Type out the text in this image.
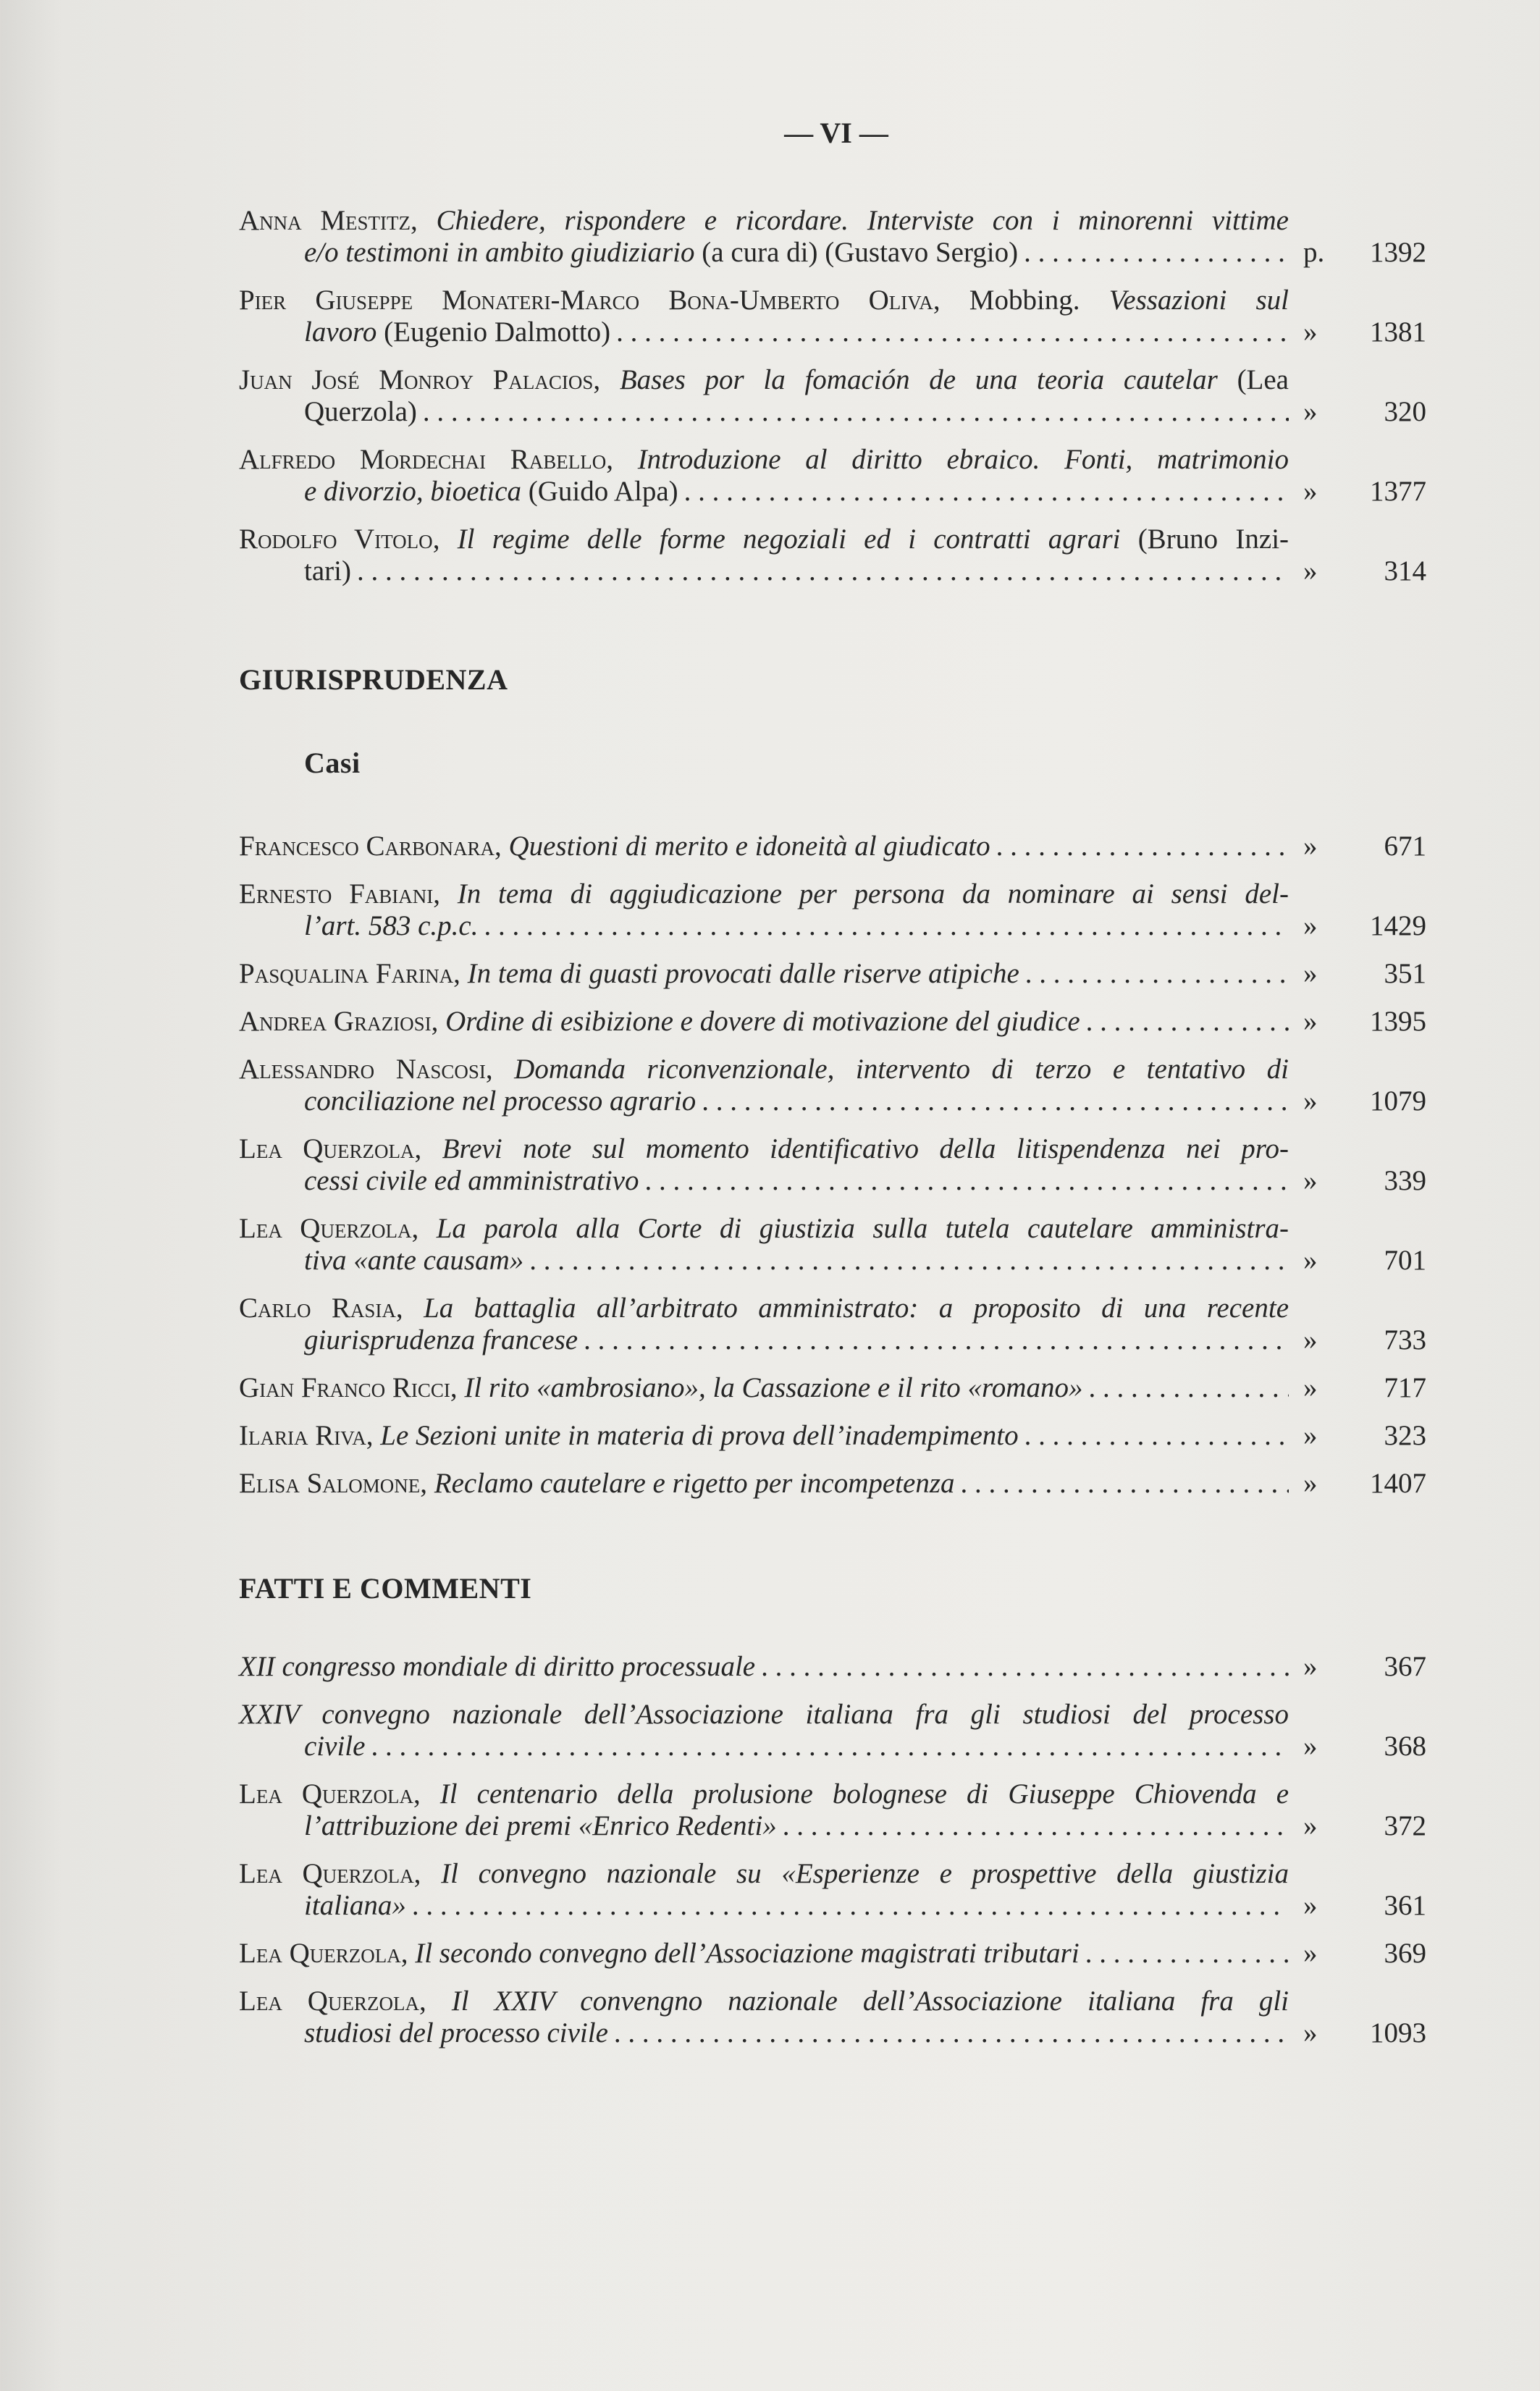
— VI —
Anna Mestitz, Chiedere, rispondere e ricordare. Interviste con i minorenni vittime
e/o testimoni in ambito giudiziario (a cura di) (Gustavo Sergio) . . .	p.	1392
Pier Giuseppe Monateri-Marco Bona-Umberto Oliva, Mobbing. Vessazioni sul
lavoro (Eugenio Dalmotto) . . .	»	1381
Juan José Monroy Palacios, Bases por la fomación de una teoria cautelar (Lea
Querzola) . . .	»	320
Alfredo Mordechai Rabello, Introduzione al diritto ebraico. Fonti, matrimonio
e divorzio, bioetica (Guido Alpa) . . .	»	1377
Rodolfo Vitolo, Il regime delle forme negoziali ed i contratti agrari (Bruno Inzi-
tari) . . .	»	314
GIURISPRUDENZA
Casi
Francesco Carbonara, Questioni di merito e idoneità al giudicato . . .	»	671
Ernesto Fabiani, In tema di aggiudicazione per persona da nominare ai sensi del-
l’art. 583 c.p.c. . . .	»	1429
Pasqualina Farina, In tema di guasti provocati dalle riserve atipiche . . .	»	351
Andrea Graziosi, Ordine di esibizione e dovere di motivazione del giudice . . .	»	1395
Alessandro Nascosi, Domanda riconvenzionale, intervento di terzo e tentativo di
conciliazione nel processo agrario . . .	»	1079
Lea Querzola, Brevi note sul momento identificativo della litispendenza nei pro-
cessi civile ed amministrativo . . .	»	339
Lea Querzola, La parola alla Corte di giustizia sulla tutela cautelare amministra-
tiva «ante causam» . . .	»	701
Carlo Rasia, La battaglia all’arbitrato amministrato: a proposito di una recente
giurisprudenza francese . . .	»	733
Gian Franco Ricci, Il rito «ambrosiano», la Cassazione e il rito «romano» . . .	»	717
Ilaria Riva, Le Sezioni unite in materia di prova dell’inadempimento . . .	»	323
Elisa Salomone, Reclamo cautelare e rigetto per incompetenza . . .	»	1407
FATTI E COMMENTI
XII congresso mondiale di diritto processuale . . .	»	367
XXIV convegno nazionale dell’Associazione italiana fra gli studiosi del processo
civile . . .	»	368
Lea Querzola, Il centenario della prolusione bolognese di Giuseppe Chiovenda e
l’attribuzione dei premi «Enrico Redenti» . . .	»	372
Lea Querzola, Il convegno nazionale su «Esperienze e prospettive della giustizia
italiana» . . .	»	361
Lea Querzola, Il secondo convegno dell’Associazione magistrati tributari . . .	»	369
Lea Querzola, Il XXIV convengno nazionale dell’Associazione italiana fra gli
studiosi del processo civile . . .	»	1093
